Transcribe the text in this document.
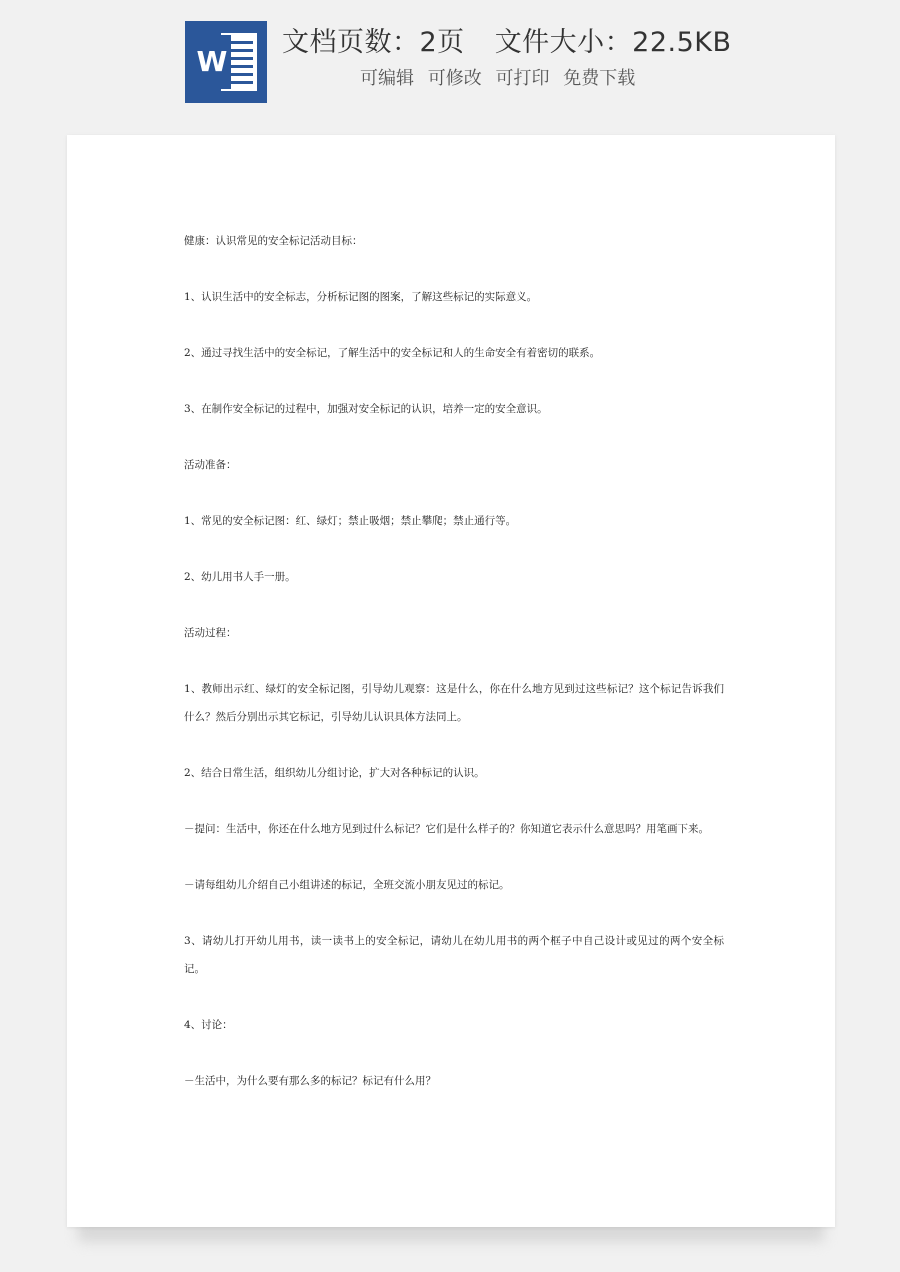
W
文档页数：2页 文件大小：22.5KB
可编辑 可修改 可打印 免费下载

健康：认识常见的安全标记活动目标：

1、认识生活中的安全标志，分析标记图的图案，了解这些标记的实际意义。

2、通过寻找生活中的安全标记，了解生活中的安全标记和人的生命安全有着密切的联系。

3、在制作安全标记的过程中，加强对安全标记的认识，培养一定的安全意识。

活动准备：

1、常见的安全标记图：红、绿灯；禁止吸烟；禁止攀爬；禁止通行等。

2、幼儿用书人手一册。

活动过程：

1、教师出示红、绿灯的安全标记图，引导幼儿观察：这是什么，你在什么地方见到过这些标记？这个标记告诉我们什么？然后分别出示其它标记，引导幼儿认识具体方法同上。

2、结合日常生活，组织幼儿分组讨论，扩大对各种标记的认识。

－提问：生活中，你还在什么地方见到过什么标记？它们是什么样子的？你知道它表示什么意思吗？用笔画下来。

－请每组幼儿介绍自己小组讲述的标记，全班交流小朋友见过的标记。

3、请幼儿打开幼儿用书，读一读书上的安全标记，请幼儿在幼儿用书的两个框子中自己设计或见过的两个安全标记。

4、讨论：

－生活中，为什么要有那么多的标记？标记有什么用？
